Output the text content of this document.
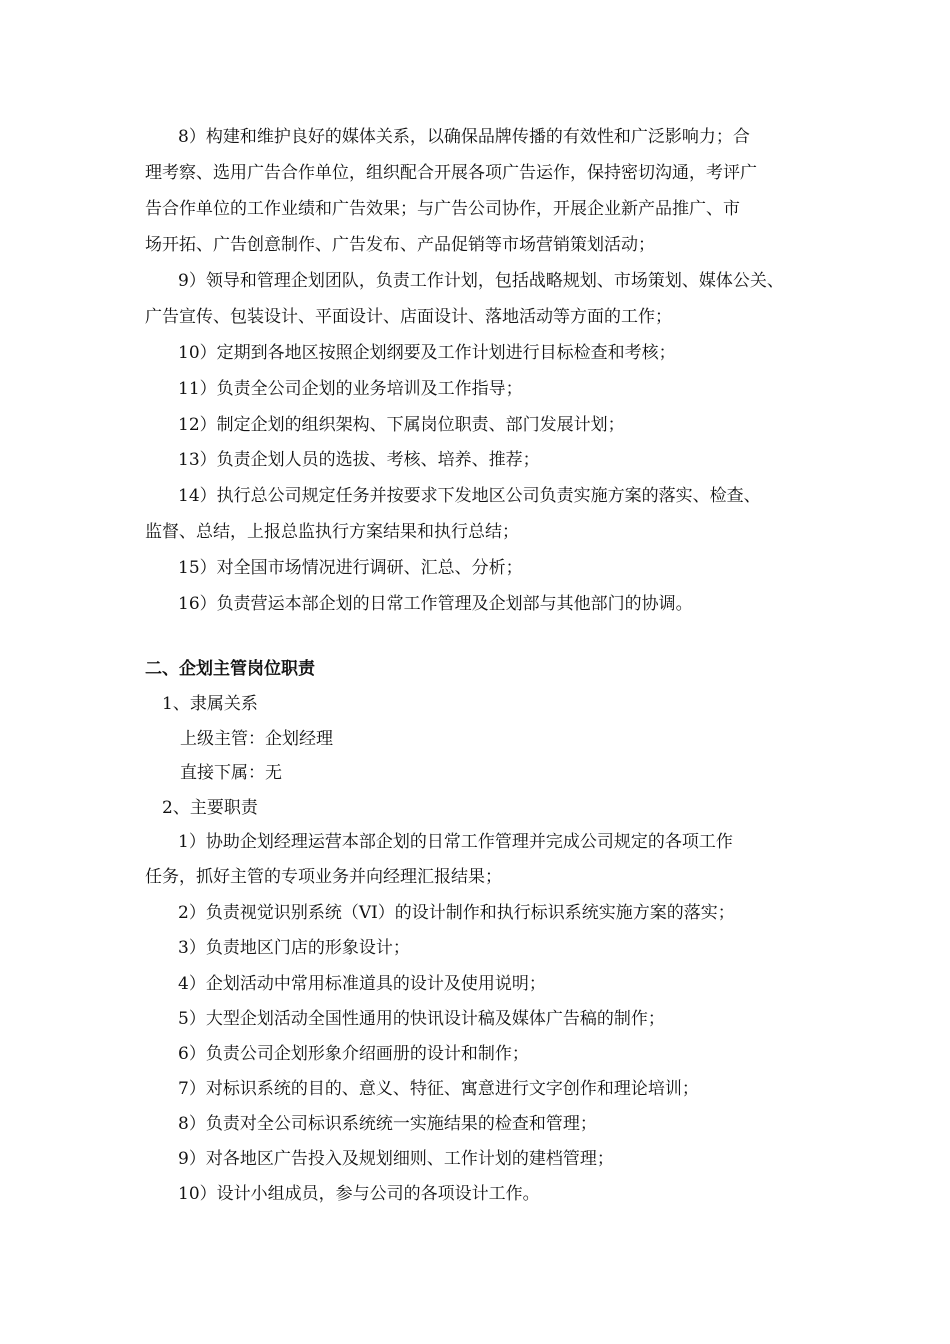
8）构建和维护良好的媒体关系，以确保品牌传播的有效性和广泛影响力；合
理考察、选用广告合作单位，组织配合开展各项广告运作，保持密切沟通，考评广
告合作单位的工作业绩和广告效果；与广告公司协作，开展企业新产品推广、市
场开拓、广告创意制作、广告发布、产品促销等市场营销策划活动；
9）领导和管理企划团队，负责工作计划，包括战略规划、市场策划、媒体公关、
广告宣传、包装设计、平面设计、店面设计、落地活动等方面的工作；
10）定期到各地区按照企划纲要及工作计划进行目标检查和考核；
11）负责全公司企划的业务培训及工作指导；
12）制定企划的组织架构、下属岗位职责、部门发展计划；
13）负责企划人员的选拔、考核、培养、推荐；
14）执行总公司规定任务并按要求下发地区公司负责实施方案的落实、检查、
监督、总结，上报总监执行方案结果和执行总结；
15）对全国市场情况进行调研、汇总、分析；
16）负责营运本部企划的日常工作管理及企划部与其他部门的协调。
二、企划主管岗位职责
1、隶属关系
上级主管：企划经理
直接下属：无
2、主要职责
1）协助企划经理运营本部企划的日常工作管理并完成公司规定的各项工作
任务，抓好主管的专项业务并向经理汇报结果；
2）负责视觉识别系统（VI）的设计制作和执行标识系统实施方案的落实；
3）负责地区门店的形象设计；
4）企划活动中常用标准道具的设计及使用说明；
5）大型企划活动全国性通用的快讯设计稿及媒体广告稿的制作；
6）负责公司企划形象介绍画册的设计和制作；
7）对标识系统的目的、意义、特征、寓意进行文字创作和理论培训；
8）负责对全公司标识系统统一实施结果的检查和管理；
9）对各地区广告投入及规划细则、工作计划的建档管理；
10）设计小组成员，参与公司的各项设计工作。
